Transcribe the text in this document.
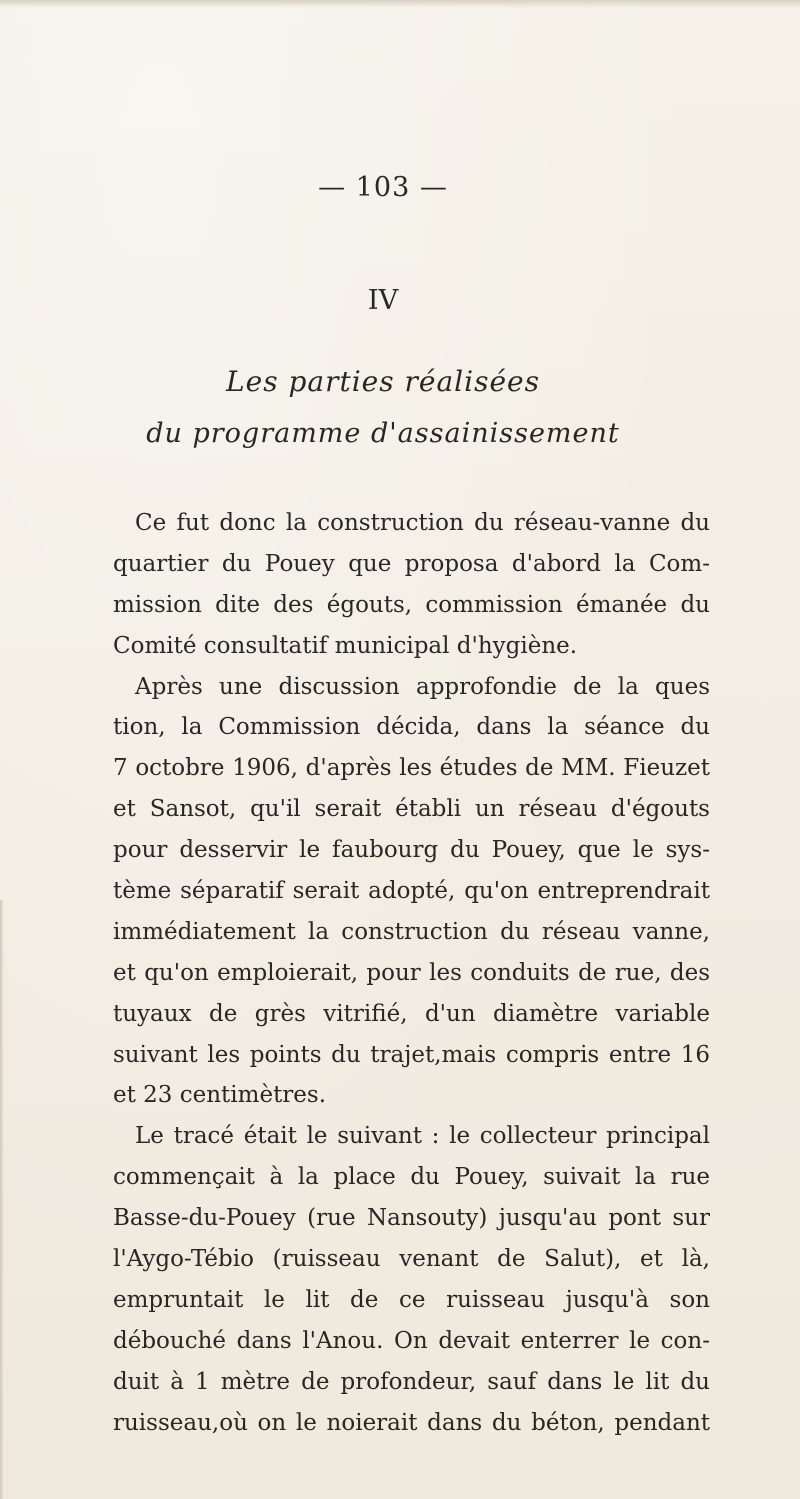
— 103 —
IV
Les parties réalisées
du programme d'assainissement
Ce fut donc la construction du réseau-vanne du
quartier du Pouey que proposa d'abord la Com-
mission dite des égouts, commission émanée du
Comité consultatif municipal d'hygiène.
Après une discussion approfondie de la ques
tion, la Commission décida, dans la séance du
7 octobre 1906, d'après les études de MM. Fieuzet
et Sansot, qu'il serait établi un réseau d'égouts
pour desservir le faubourg du Pouey, que le sys-
tème séparatif serait adopté, qu'on entreprendrait
immédiatement la construction du réseau vanne,
et qu'on emploierait, pour les conduits de rue, des
tuyaux de grès vitrifié, d'un diamètre variable
suivant les points du trajet,mais compris entre 16
et 23 centimètres.
Le tracé était le suivant : le collecteur principal
commençait à la place du Pouey, suivait la rue
Basse-du-Pouey (rue Nansouty) jusqu'au pont sur
l'Aygo-Tébio (ruisseau venant de Salut), et là,
empruntait le lit de ce ruisseau jusqu'à son
débouché dans l'Anou. On devait enterrer le con-
duit à 1 mètre de profondeur, sauf dans le lit du
ruisseau,où on le noierait dans du béton, pendant
